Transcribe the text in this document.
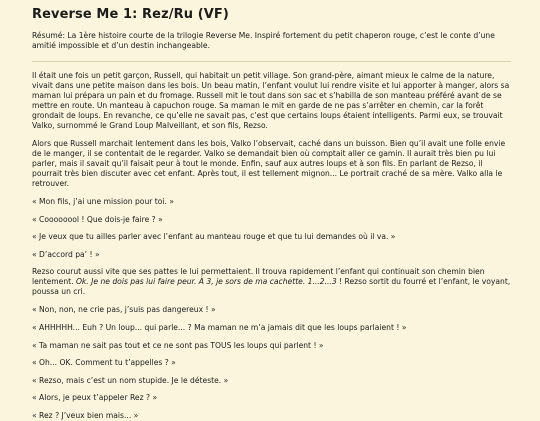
Reverse Me 1: Rez/Ru (VF)

Résumé: La 1ère histoire courte de la trilogie Reverse Me. Inspiré fortement du petit chaperon rouge, c’est le conte d’une amitié impossible et d’un destin inchangeable.

Il était une fois un petit garçon, Russell, qui habitait un petit village. Son grand-père, aimant mieux le calme de la nature, vivait dans une petite maison dans les bois. Un beau matin, l’enfant voulut lui rendre visite et lui apporter à manger, alors sa maman lui prépara un pain et du fromage. Russell mit le tout dans son sac et s’habilla de son manteau préféré avant de se mettre en route. Un manteau à capuchon rouge. Sa maman le mit en garde de ne pas s’arrêter en chemin, car la forêt grondait de loups. En revanche, ce qu’elle ne savait pas, c’est que certains loups étaient intelligents. Parmi eux, se trouvait Valko, surnommé le Grand Loup Malveillant, et son fils, Rezso.

Alors que Russell marchait lentement dans les bois, Valko l’observait, caché dans un buisson. Bien qu’il avait une folle envie de le manger, il se contentait de le regarder. Valko se demandait bien où comptait aller ce gamin. Il aurait très bien pu lui parler, mais il savait qu’il faisait peur à tout le monde. Enfin, sauf aux autres loups et à son fils. En parlant de Rezso, il pourrait très bien discuter avec cet enfant. Après tout, il est tellement mignon... Le portrait craché de sa mère. Valko alla le retrouver.

« Mon fils, j’ai une mission pour toi. »

« Coooooool ! Que dois-je faire ? »

« Je veux que tu ailles parler avec l’enfant au manteau rouge et que tu lui demandes où il va. »

« D’accord pa’ ! »

Rezso courut aussi vite que ses pattes le lui permettaient. Il trouva rapidement l’enfant qui continuait son chemin bien lentement. Ok. Je ne dois pas lui faire peur. À 3, je sors de ma cachette. 1...2...3 ! Rezso sortit du fourré et l’enfant, le voyant, poussa un cri.

« Non, non, ne crie pas, j’suis pas dangereux ! »

« AHHHHH... Euh ? Un loup... qui parle... ? Ma maman ne m’a jamais dit que les loups parlaient ! »

« Ta maman ne sait pas tout et ce ne sont pas TOUS les loups qui parlent ! »

« Oh... OK. Comment tu t’appelles ? »

« Rezso, mais c’est un nom stupide. Je le déteste. »

« Alors, je peux t’appeler Rez ? »

« Rez ? J’veux bien mais... »
